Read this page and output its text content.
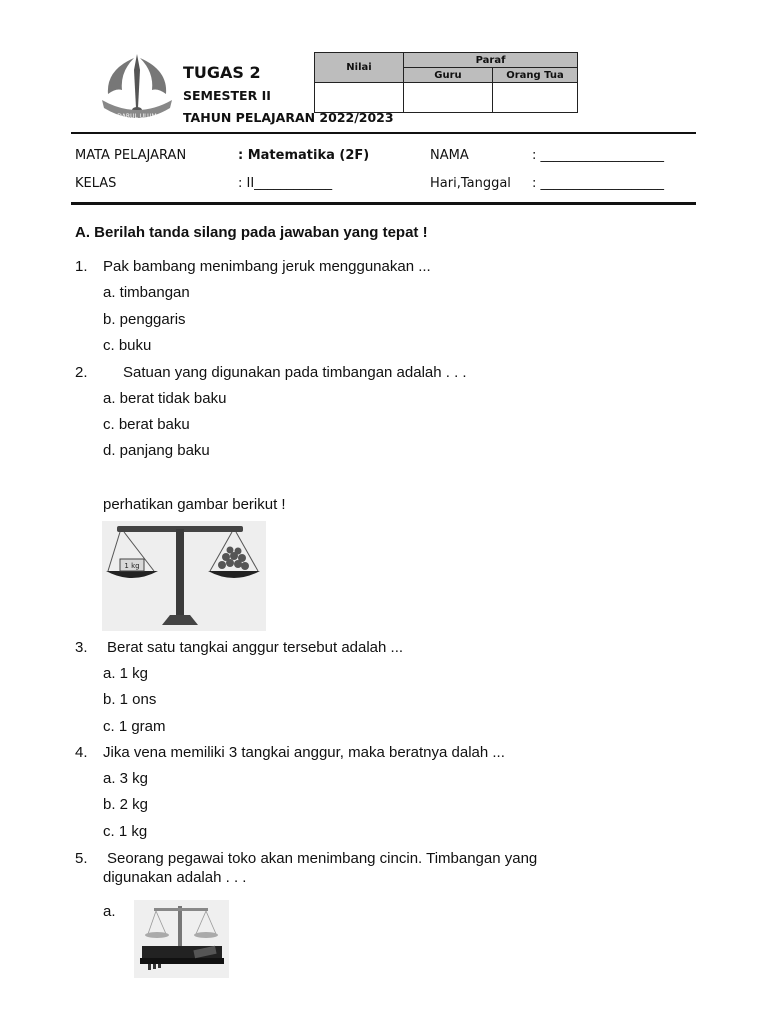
DARUL ULUM
TUGAS 2
SEMESTER II
TAHUN PELAJARAN 2022/2023
Nilai	Paraf	
	Guru	Orang Tua

MATA PELAJARAN	: Matematika (2F)	NAMA	: ___________________
KELAS	: II____________	Hari,Tanggal : ___________________
A. Berilah tanda silang pada jawaban yang tepat !
1. Pak bambang menimbang jeruk menggunakan ...
a. timbangan
b. penggaris
c. buku
2. Satuan yang digunakan pada timbangan adalah . . .
a. berat tidak baku
c. berat baku
d. panjang baku
perhatikan gambar berikut !
1 kg
3. Berat satu tangkai anggur tersebut adalah ...
a. 1 kg
b. 1 ons
c. 1 gram
4. Jika vena memiliki 3 tangkai anggur, maka beratnya dalah ...
a. 3 kg
b. 2 kg
c. 1 kg
5. Seorang pegawai toko akan menimbang cincin. Timbangan yang
digunakan adalah . . .
a.
